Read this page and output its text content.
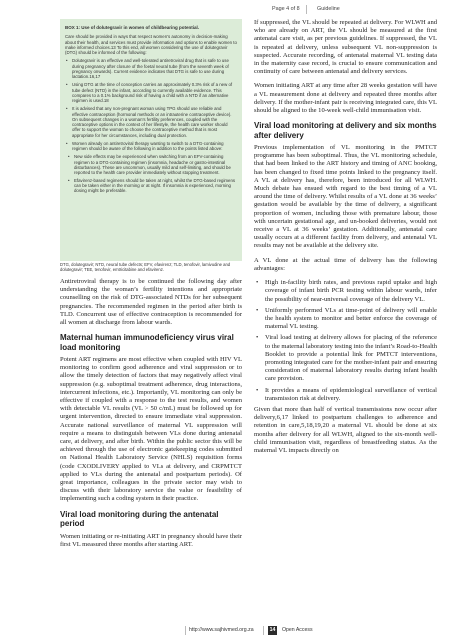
Page 4 of 8	Guideline
BOX 1: Use of dolutegravir in women of childbearing potential.
Care should be provided in ways that respect women’s autonomy in decision-making about their health, and services must provide information and options to enable women to make informed choices.13 To this end, all women considering the use of dolutegravir (DTG) should be informed of the following:
• Dolutegravir is an effective and well-tolerated antiretroviral drug that is safe to use during pregnancy after closure of the foetal neural tube (from the seventh week of pregnancy onwards). Current evidence indicates that DTG is safe to use during lactation.16,17
• Using DTG at the time of conception carries an approximately 0.3% risk of a new of tube defect (NTD) in the infant, according to currently available evidence. This compares to a 0.1% background risk of having a child with a NTD if an alternative regimen is used.18
• It is advised that any non-pregnant woman using TPG should use reliable and effective contraception (hormonal methods or an intrauterine contraceptive device). On subsequent changes in a woman’s fertility preferences, coupled with the contraceptive options in the context of her lifestyle, the health care worker should offer to support the woman to choose the contraceptive method that is most appropriate for her circumstances, including dual protection.
• Women already on antiretroviral therapy wanting to switch to a DTG-containing regimen should be aware of the following in addition to the points listed above:
• New side effects may be experienced when switching from an EFV-containing regimen to a DTG-containing regimen (insomnia, headache or gastro-intestinal disturbances). These are uncommon, usually mild and self-limiting, and should be reported to the health care provider immediately without stopping treatment.
• Efavirenz-based regimens should be taken at night, whilst the DTG-based regimens can be taken either in the morning or at night. If insomnia is experienced, morning dosing might be preferable.
DTG, dolutegravir; NTD, neural tube defects; EFV, efavirenz; TLD, tenofovir, lamivudine and dolutegravir; TEE, tenofovir, emtricitabine and efavirenz.

Antiretroviral therapy is to be continued the following day after understanding the woman’s fertility intentions and appropriate counselling on the risk of DTG-associated NTDs for her subsequent pregnancies. The recommended regimen in the period after birth is TLD. Concurrent use of effective contraception is recommended for all women at discharge from labour wards.

Maternal human immunodeficiency virus viral load monitoring

Potent ART regimens are most effective when coupled with HIV VL monitoring to confirm good adherence and viral suppression or to allow the timely detection of factors that may negatively affect viral suppression (e.g. suboptimal treatment adherence, drug interactions, intercurrent infections, etc.). Importantly, VL monitoring can only be effective if coupled with a response to the test results, and women with detectable VL results (VL > 50 c/mL) must be followed up for urgent intervention, directed to ensure immediate viral suppression. Accurate national surveillance of maternal VL suppression will require a means to distinguish between VLs done during antenatal care, at delivery, and after birth. Within the public sector this will be achieved through the use of electronic gatekeeping codes submitted on National Health Laboratory Service (NHLS) requisition forms (code CXODLIVERY applied to VLs at delivery, and CRPMTCT applied to VLs during the antenatal and postpartum periods). Of great importance, colleagues in the private sector may wish to discuss with their laboratory service the value or feasibility of implementing such a coding system in their practice.

Viral load monitoring during the antenatal period

Women initiating or re-initiating ART in pregnancy should have their first VL measured three months after starting ART.

If suppressed, the VL should be repeated at delivery. For WLWH and who are already on ART, the VL should be measured at the first antenatal care visit, as per previous guidelines. If suppressed, the VL is repeated at delivery, unless subsequent VL non-suppression is suspected. Accurate recording, of antenatal maternal VL testing data in the maternity case record, is crucial to ensure communication and continuity of care between antenatal and delivery services.

Women initiating ART at any time after 28 weeks gestation will have a VL measurement done at delivery and repeated three months after delivery. If the mother-infant pair is receiving integrated care, this VL should be aligned to the 10-week well-child immunisation visit.

Viral load monitoring at delivery and six months after delivery

Previous implementation of VL monitoring in the PMTCT programme has been suboptimal. Thus, the VL monitoring schedule, that had been linked to the ART history and timing of ANC booking, has been changed to fixed time points linked to the pregnancy itself. A VL at delivery has, therefore, been introduced for all WLWH. Much debate has ensued with regard to the best timing of a VL around the time of delivery. Whilst results of a VL done at 36 weeks’ gestation would be available by the time of delivery, a significant proportion of women, including those with premature labour, those with uncertain gestational age, and un-booked deliveries, would not receive a VL at 36 weeks’ gestation. Additionally, antenatal care usually occurs at a different facility from delivery, and antenatal VL results may not be available at the delivery site.

A VL done at the actual time of delivery has the following advantages:

• High in-facility birth rates, and previous rapid uptake and high coverage of infant birth PCR testing within labour wards, infer the possibility of near-universal coverage of the delivery VL.
• Uniformly performed VLs at time-point of delivery will enable the health system to monitor and better enforce the coverage of maternal VL testing.
• Viral load testing at delivery allows for placing of the reference to the maternal laboratory testing into the infant’s Road-to-Health Booklet to provide a potential link for PMTCT interventions, promoting integrated care for the mother-infant pair and ensuring consideration of maternal laboratory results during infant health care provision.
• It provides a means of epidemiological surveillance of vertical transmission risk at delivery.

Given that more than half of vertical transmissions now occur after delivery,6,17 linked to postpartum challenges to adherence and retention in care,5,18,19,20 a maternal VL should be done at six months after delivery for all WLWH, aligned to the six-month well-child immunisation visit, regardless of breastfeeding status. As the maternal VL impacts directly on

http://www.sajhivmed.org.za	14	Open Access
